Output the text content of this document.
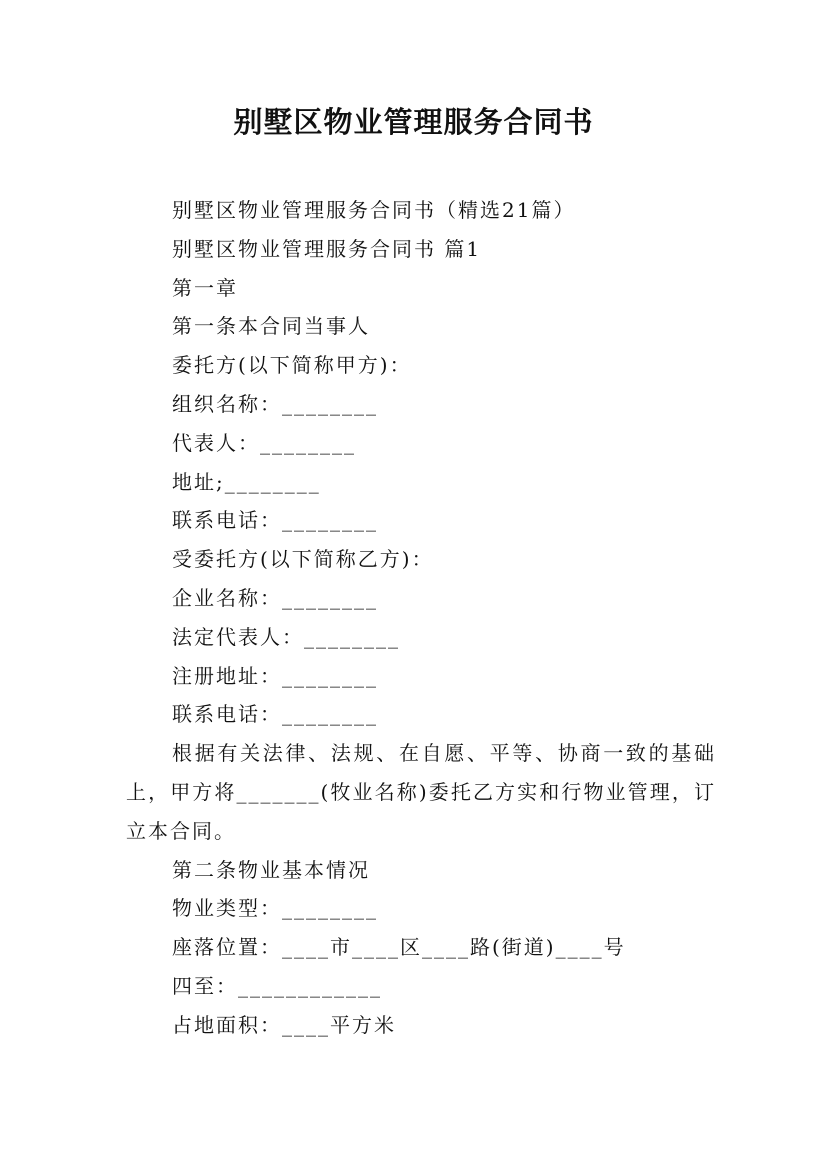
别墅区物业管理服务合同书
别墅区物业管理服务合同书（精选21篇）
别墅区物业管理服务合同书 篇1
第一章
第一条本合同当事人
委托方(以下简称甲方)：
组织名称：________
代表人：________
地址;________
联系电话：________
受委托方(以下简称乙方)：
企业名称：________
法定代表人：________
注册地址：________
联系电话：________

根据有关法律、法规、在自愿、平等、协商一致的基础上，甲方将_______(牧业名称)委托乙方实和行物业管理，订立本合同。

第二条物业基本情况
物业类型：________
座落位置：____市____区____路(街道)____号
四至：____________
占地面积：____平方米
